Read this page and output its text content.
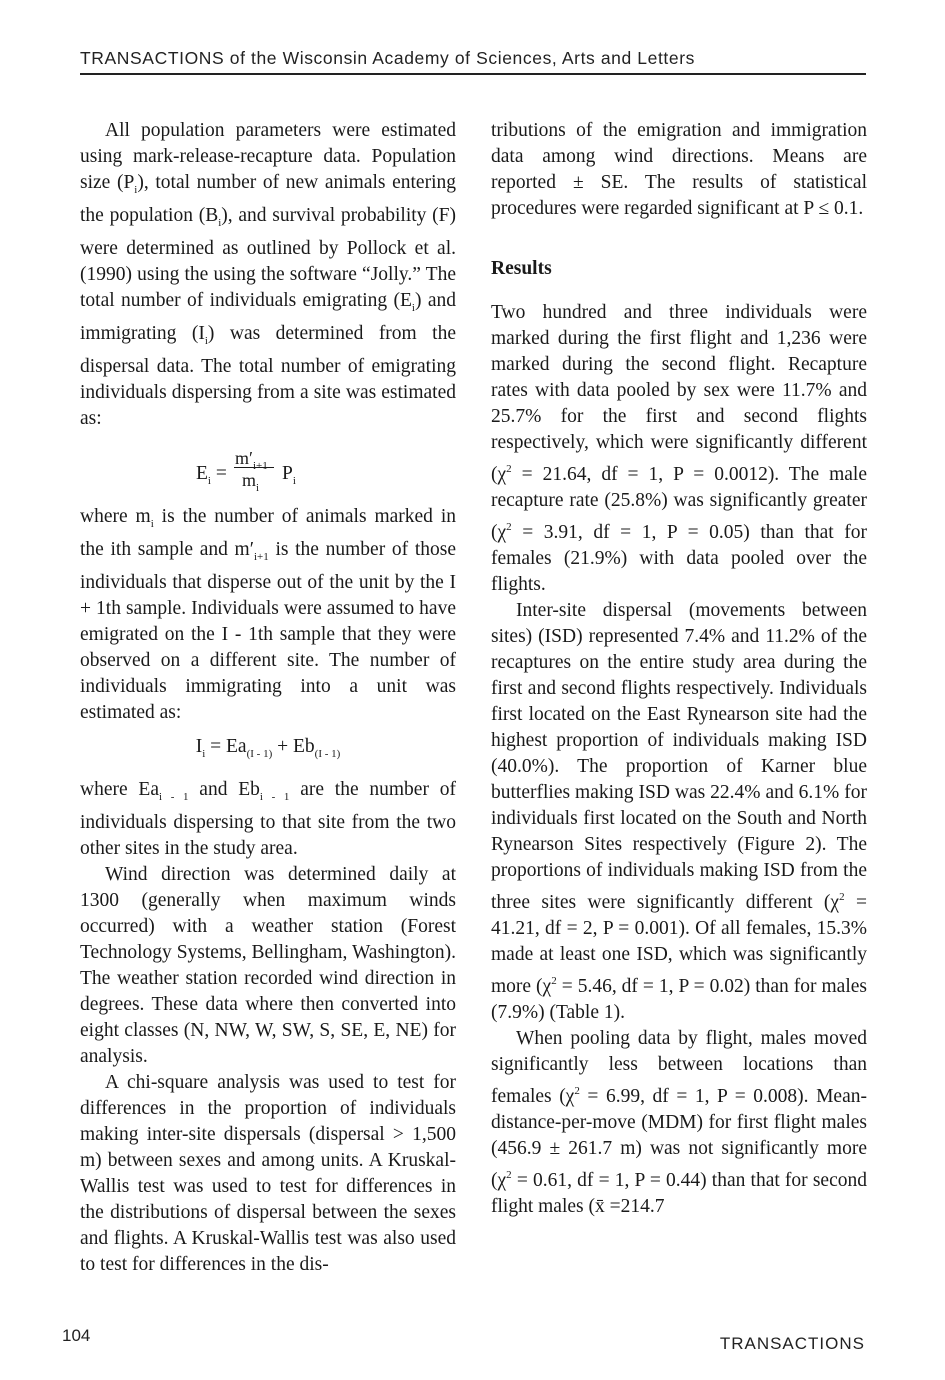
TRANSACTIONS of the Wisconsin Academy of Sciences, Arts and Letters

All population parameters were estimated using mark-release-recapture data. Population size $(P_i)$, total number of new animals entering the population $(B_i)$, and survival probability (F) were determined as outlined by Pollock et al. (1990) using the using the software “Jolly.” The total number of individuals emigrating $(E_i)$ and immigrating $(I_i)$ was determined from the dispersal data. The total number of emigrating individuals dispersing from a site was estimated as:

$E_i$ =
$m'_{i+1}$
$m_i$
$P_i$

where $m_i$ is the number of animals marked in the ith sample and $m'_{i+1}$ is the number of those individuals that disperse out of the unit by the I + 1th sample. Individuals were assumed to have emigrated on the I - 1th sample that they were observed on a different site. The number of individuals immigrating into a unit was estimated as:

$I_i = Ea_{(I - 1)} + Eb_{(I - 1)}$

where $Ea_{i - 1}$ and $Eb_{i - 1}$ are the number of individuals dispersing to that site from the two other sites in the study area.

Wind direction was determined daily at 1300 (generally when maximum winds occurred) with a weather station (Forest Technology Systems, Bellingham, Washington). The weather station recorded wind direction in degrees. These data where then converted into eight classes (N, NW, W, SW, S, SE, E, NE) for analysis.

A chi-square analysis was used to test for differences in the proportion of individuals making inter-site dispersals (dispersal > 1,500 m) between sexes and among units. A Kruskal-Wallis test was used to test for differences in the distributions of dispersal between the sexes and flights. A Kruskal-Wallis test was also used to test for differences in the dis-

tributions of the emigration and immigration data among wind directions. Means are reported ± SE. The results of statistical procedures were regarded significant at P ≤ 0.1.

Results

Two hundred and three individuals were marked during the first flight and 1,236 were marked during the second flight. Recapture rates with data pooled by sex were 11.7% and 25.7% for the first and second flights respectively, which were significantly different ($\chi^2 = 21.64$, df = 1, P = 0.0012). The male recapture rate (25.8%) was significantly greater ($\chi^2 = 3.91$, df = 1, P = 0.05) than that for females (21.9%) with data pooled over the flights.

Inter-site dispersal (movements between sites) (ISD) represented 7.4% and 11.2% of the recaptures on the entire study area during the first and second flights respectively. Individuals first located on the East Rynearson site had the highest proportion of individuals making ISD (40.0%). The proportion of Karner blue butterflies making ISD was 22.4% and 6.1% for individuals first located on the South and North Rynearson Sites respectively (Figure 2). The proportions of individuals making ISD from the three sites were significantly different ($\chi^2 = 41.21$, df = 2, P = 0.001). Of all females, 15.3% made at least one ISD, which was significantly more ($\chi^2 = 5.46$, df = 1, P = 0.02) than for males (7.9%) (Table 1).

When pooling data by flight, males moved significantly less between locations than females ($\chi^2 = 6.99$, df = 1, P = 0.008). Mean-distance-per-move (MDM) for first flight males (456.9 ± 261.7 m) was not significantly more ($\chi^2 = 0.61$, df = 1, P = 0.44) than that for second flight males (x̄ =214.7

104	TRANSACTIONS
